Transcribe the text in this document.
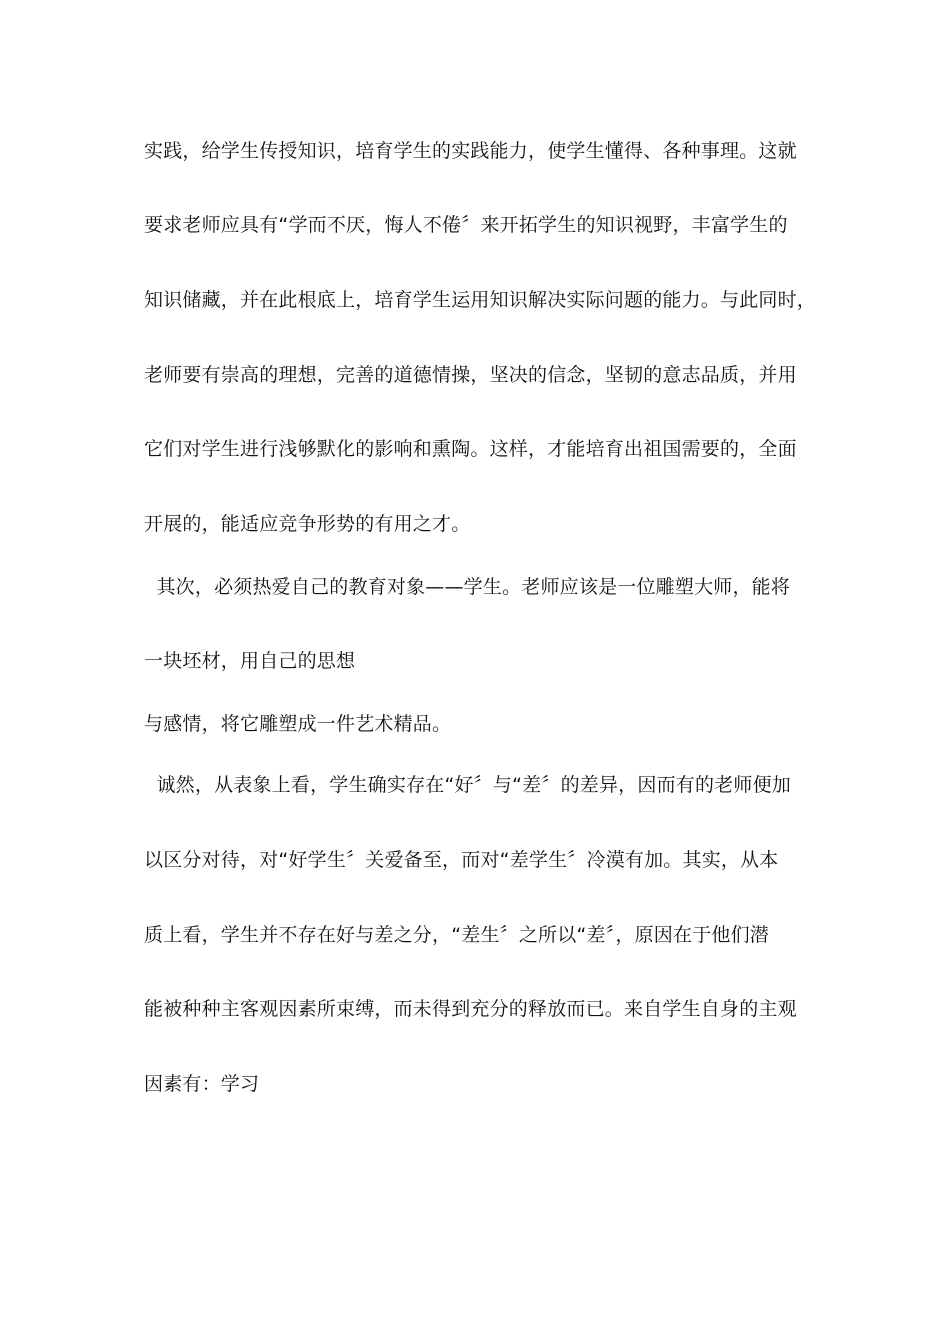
实践，给学生传授知识，培育学生的实践能力，使学生懂得、各种事理。这就
要求老师应具有“学而不厌，悔人不倦〞来开拓学生的知识视野，丰富学生的
知识储藏，并在此根底上，培育学生运用知识解决实际问题的能力。与此同时，
老师要有崇高的理想，完善的道德情操，坚决的信念，坚韧的意志品质，并用
它们对学生进行浅够默化的影响和熏陶。这样，才能培育出祖国需要的，全面
开展的，能适应竞争形势的有用之才。
其次，必须热爱自己的教育对象——学生。老师应该是一位雕塑大师，能将
一块坯材，用自己的思想
与感情，将它雕塑成一件艺术精品。
诚然，从表象上看，学生确实存在“好〞与“差〞的差异，因而有的老师便加
以区分对待，对“好学生〞关爱备至，而对“差学生〞冷漠有加。其实，从本
质上看，学生并不存在好与差之分，“差生〞之所以“差〞，原因在于他们潜
能被种种主客观因素所束缚，而未得到充分的释放而已。来自学生自身的主观
因素有：学习
